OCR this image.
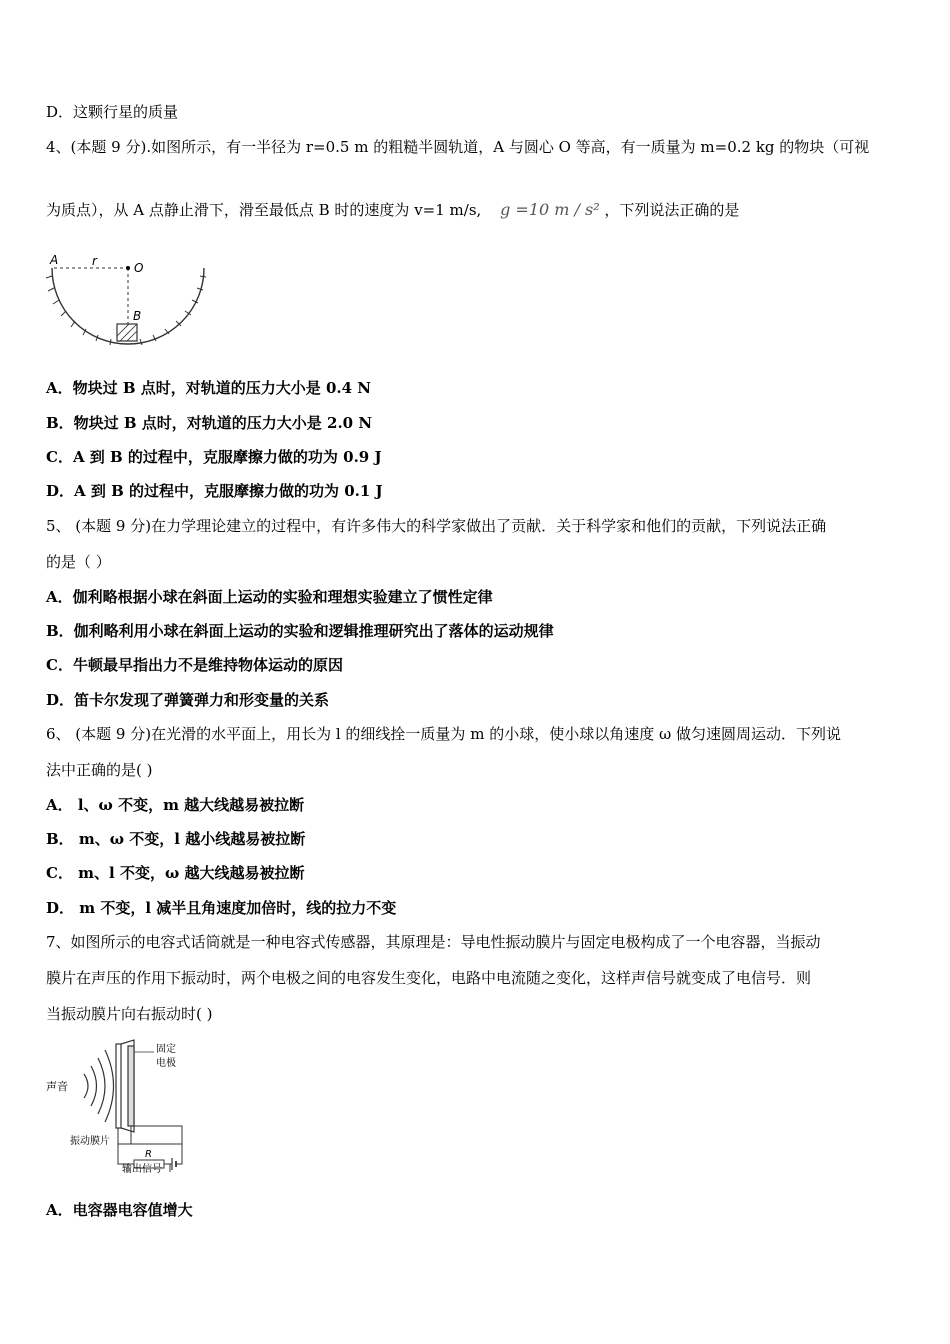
D．这颗行星的质量
4、(本题 9 分).如图所示，有一半径为 r=0.5 m 的粗糙半圆轨道，A 与圆心 O 等高，有一质量为 m=0.2 kg 的物块（可视
为质点），从 A 点静止滑下，滑至最低点 B 时的速度为 v=1 m/s, g =10 m / s² ，下列说法正确的是
A	r	O
B
A．物块过 B 点时，对轨道的压力大小是 0.4 N
B．物块过 B 点时，对轨道的压力大小是 2.0 N
C．A 到 B 的过程中，克服摩擦力做的功为 0.9 J
D．A 到 B 的过程中，克服摩擦力做的功为 0.1 J
5、 (本题 9 分)在力学理论建立的过程中，有许多伟大的科学家做出了贡献．关于科学家和他们的贡献，下列说法正确
的是（ ）
A．伽利略根据小球在斜面上运动的实验和理想实验建立了惯性定律
B．伽利略利用小球在斜面上运动的实验和逻辑推理研究出了落体的运动规律
C．牛顿最早指出力不是维持物体运动的原因
D．笛卡尔发现了弹簧弹力和形变量的关系
6、 (本题 9 分)在光滑的水平面上，用长为 l 的细线拴一质量为 m 的小球，使小球以角速度 ω 做匀速圆周运动．下列说
法中正确的是( )
A． l、ω 不变，m 越大线越易被拉断
B． m、ω 不变，l 越小线越易被拉断
C． m、l 不变，ω 越大线越易被拉断
D． m 不变，l 减半且角速度加倍时，线的拉力不变
7、如图所示的电容式话筒就是一种电容式传感器，其原理是：导电性振动膜片与固定电极构成了一个电容器，当振动
膜片在声压的作用下振动时，两个电极之间的电容发生变化，电路中电流随之变化，这样声信号就变成了电信号．则
当振动膜片向右振动时( )
声音
固定
电极
R
振动膜片
输出信号
A．电容器电容值增大
